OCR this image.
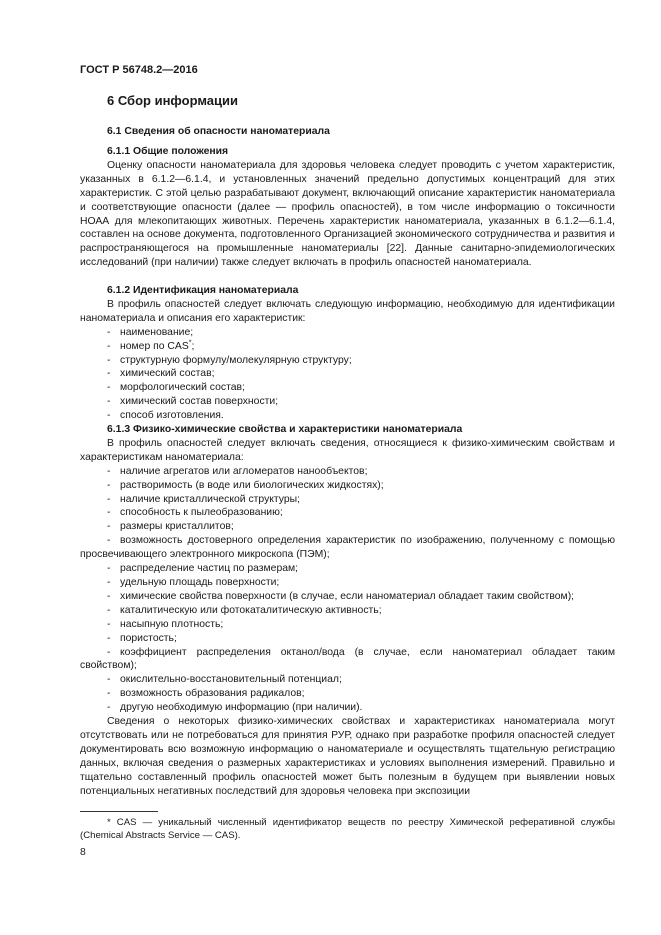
ГОСТ Р 56748.2—2016
6 Сбор информации
6.1 Сведения об опасности наноматериала

6.1.1 Общие положения

Оценку опасности наноматериала для здоровья человека следует проводить с учетом характеристик, указанных в 6.1.2—6.1.4, и установленных значений предельно допустимых концентраций для этих характеристик. С этой целью разрабатывают документ, включающий описание характеристик наноматериала и соответствующие опасности (далее — профиль опасностей), в том числе информацию о токсичности НОАА для млекопитающих животных. Перечень характеристик наноматериала, указанных в 6.1.2—6.1.4, составлен на основе документа, подготовленного Организацией экономического сотрудничества и развития и распространяющегося на промышленные наноматериалы [22]. Данные санитарно-эпидемиологических исследований (при наличии) также следует включать в профиль опасностей наноматериала.

6.1.2 Идентификация наноматериала

В профиль опасностей следует включать следующую информацию, необходимую для идентификации наноматериала и описания его характеристик:

- наименование;

- номер по CAS*;

- структурную формулу/молекулярную структуру;

- химический состав;

- морфологический состав;

- химический состав поверхности;

- способ изготовления.

6.1.3 Физико-химические свойства и характеристики наноматериала

В профиль опасностей следует включать сведения, относящиеся к физико-химическим свойствам и характеристикам наноматериала:

- наличие агрегатов или агломератов нанообъектов;

- растворимость (в воде или биологических жидкостях);

- наличие кристаллической структуры;

- способность к пылеобразованию;

- размеры кристаллитов;

- возможность достоверного определения характеристик по изображению, полученному с помощью просвечивающего электронного микроскопа (ПЭМ);

- распределение частиц по размерам;

- удельную площадь поверхности;

- химические свойства поверхности (в случае, если наноматериал обладает таким свойством);

- каталитическую или фотокаталитическую активность;

- насыпную плотность;

- пористость;

- коэффициент распределения октанол/вода (в случае, если наноматериал обладает таким свойством);

- окислительно-восстановительный потенциал;

- возможность образования радикалов;

- другую необходимую информацию (при наличии).

Сведения о некоторых физико-химических свойствах и характеристиках наноматериала могут отсутствовать или не потребоваться для принятия РУР, однако при разработке профиля опасностей следует документировать всю возможную информацию о наноматериале и осуществлять тщательную регистрацию данных, включая сведения о размерных характеристиках и условиях выполнения измерений. Правильно и тщательно составленный профиль опасностей может быть полезным в будущем при выявлении новых потенциальных негативных последствий для здоровья человека при экспозиции

* CAS — уникальный численный идентификатор веществ по реестру Химической реферативной службы (Chemical Abstracts Service — CAS).
8
